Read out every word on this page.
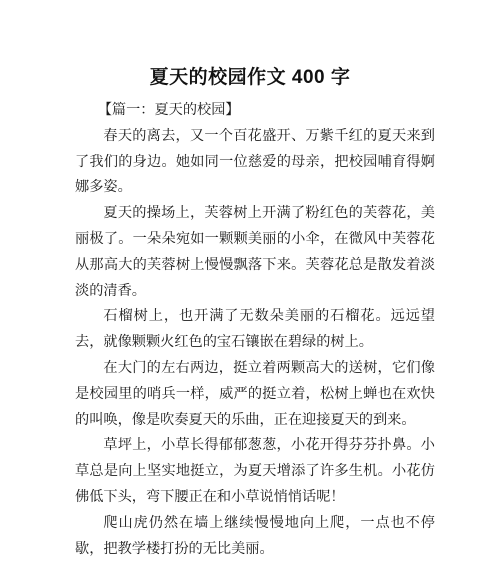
夏天的校园作文 400 字

【篇一：夏天的校园】

春天的离去，又一个百花盛开、万紫千红的夏天来到了我们的身边。她如同一位慈爱的母亲，把校园哺育得婀娜多姿。

夏天的操场上，芙蓉树上开满了粉红色的芙蓉花，美丽极了。一朵朵宛如一颗颗美丽的小伞，在微风中芙蓉花从那高大的芙蓉树上慢慢飘落下来。芙蓉花总是散发着淡淡的清香。

石榴树上，也开满了无数朵美丽的石榴花。远远望去，就像颗颗火红色的宝石镶嵌在碧绿的树上。

在大门的左右两边，挺立着两颗高大的送树，它们像是校园里的哨兵一样，威严的挺立着，松树上蝉也在欢快的叫唤，像是吹奏夏天的乐曲，正在迎接夏天的到来。

草坪上，小草长得郁郁葱葱，小花开得芬芬扑鼻。小草总是向上坚实地挺立，为夏天增添了许多生机。小花仿佛低下头，弯下腰正在和小草说悄悄话呢！

爬山虎仍然在墙上继续慢慢地向上爬，一点也不停歇，把教学楼打扮的无比美丽。
